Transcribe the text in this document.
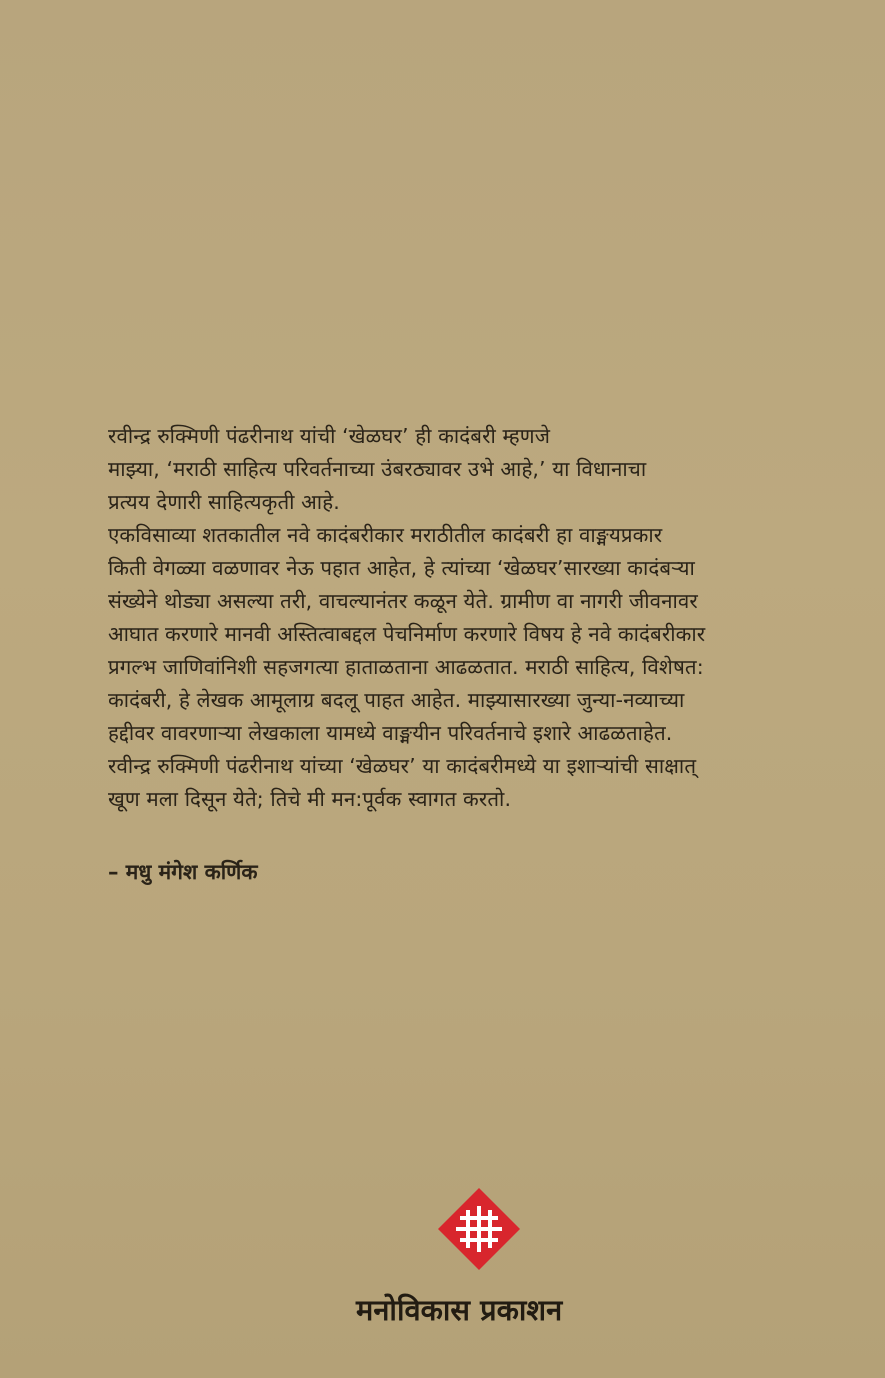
रवीन्द्र रुक्मिणी पंढरीनाथ यांची ‘खेळघर’ ही कादंबरी म्हणजे
माझ्या, ‘मराठी साहित्य परिवर्तनाच्या उंबरठ्यावर उभे आहे,’ या विधानाचा
प्रत्यय देणारी साहित्यकृती आहे.
एकविसाव्या शतकातील नवे कादंबरीकार मराठीतील कादंबरी हा वाङ्मयप्रकार
किती वेगळ्या वळणावर नेऊ पहात आहेत, हे त्यांच्या ‘खेळघर’सारख्या कादंबऱ्या
संख्येने थोड्या असल्या तरी, वाचल्यानंतर कळून येते. ग्रामीण वा नागरी जीवनावर
आघात करणारे मानवी अस्तित्वाबद्दल पेचनिर्माण करणारे विषय हे नवे कादंबरीकार
प्रगल्भ जाणिवांनिशी सहजगत्या हाताळताना आढळतात. मराठी साहित्य, विशेषत:
कादंबरी, हे लेखक आमूलाग्र बदलू पाहत आहेत. माझ्यासारख्या जुन्या-नव्याच्या
हद्दीवर वावरणाऱ्या लेखकाला यामध्ये वाङ्मयीन परिवर्तनाचे इशारे आढळताहेत.
रवीन्द्र रुक्मिणी पंढरीनाथ यांच्या ‘खेळघर’ या कादंबरीमध्ये या इशाऱ्यांची साक्षात्
खूण मला दिसून येते; तिचे मी मन:पूर्वक स्वागत करतो.

– मधु मंगेश कर्णिक
मनोविकास प्रकाशन
